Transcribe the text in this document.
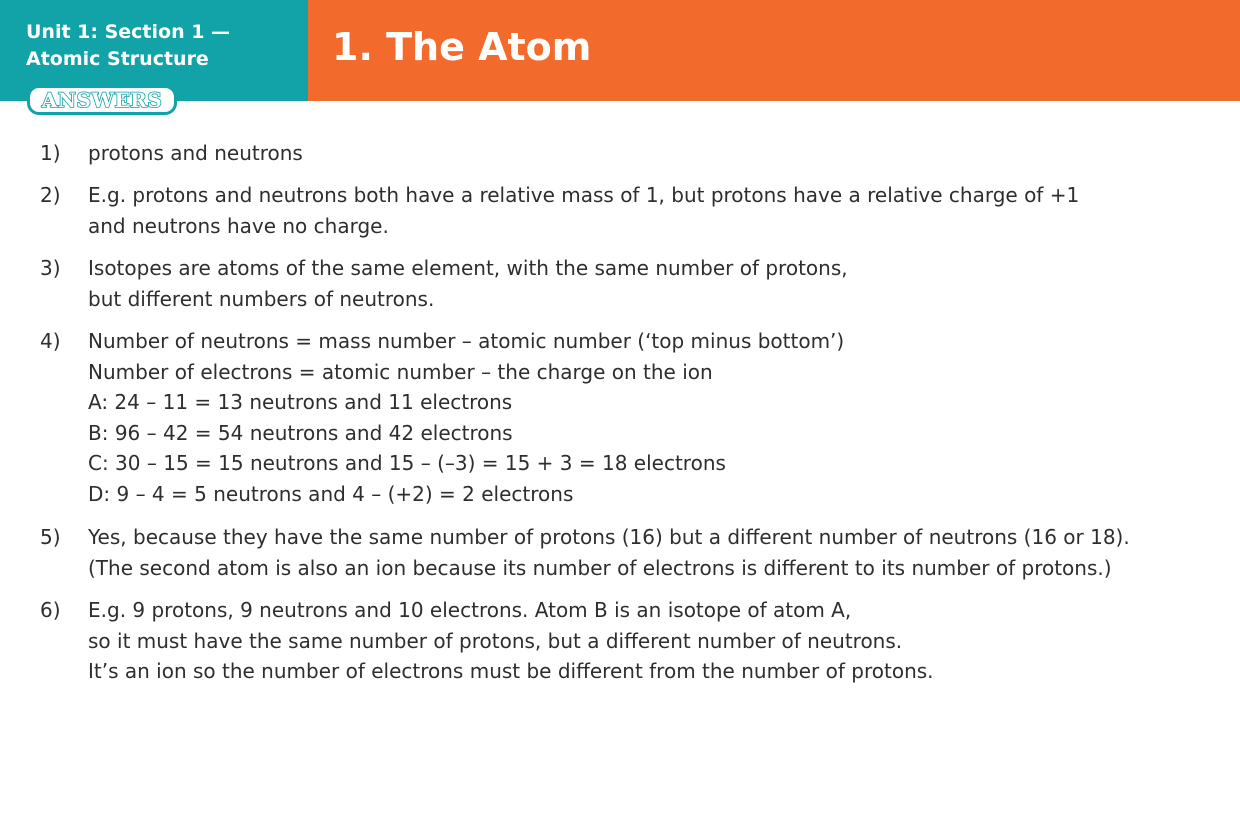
Unit 1: Section 1 —
Atomic Structure	1. The Atom
ANSWERS
1)	protons and neutrons
2)	E.g. protons and neutrons both have a relative mass of 1, but protons have a relative charge of +1
and neutrons have no charge.
3)	Isotopes are atoms of the same element, with the same number of protons,
but different numbers of neutrons.
4)	Number of neutrons = mass number – atomic number (‘top minus bottom’)
Number of electrons = atomic number – the charge on the ion
A: 24 – 11 = 13 neutrons and 11 electrons
B: 96 – 42 = 54 neutrons and 42 electrons
C: 30 – 15 = 15 neutrons and 15 – (–3) = 15 + 3 = 18 electrons
D: 9 – 4 = 5 neutrons and 4 – (+2) = 2 electrons
5)	Yes, because they have the same number of protons (16) but a different number of neutrons (16 or 18).
(The second atom is also an ion because its number of electrons is different to its number of protons.)
6)	E.g. 9 protons, 9 neutrons and 10 electrons. Atom B is an isotope of atom A,
so it must have the same number of protons, but a different number of neutrons.
It’s an ion so the number of electrons must be different from the number of protons.
